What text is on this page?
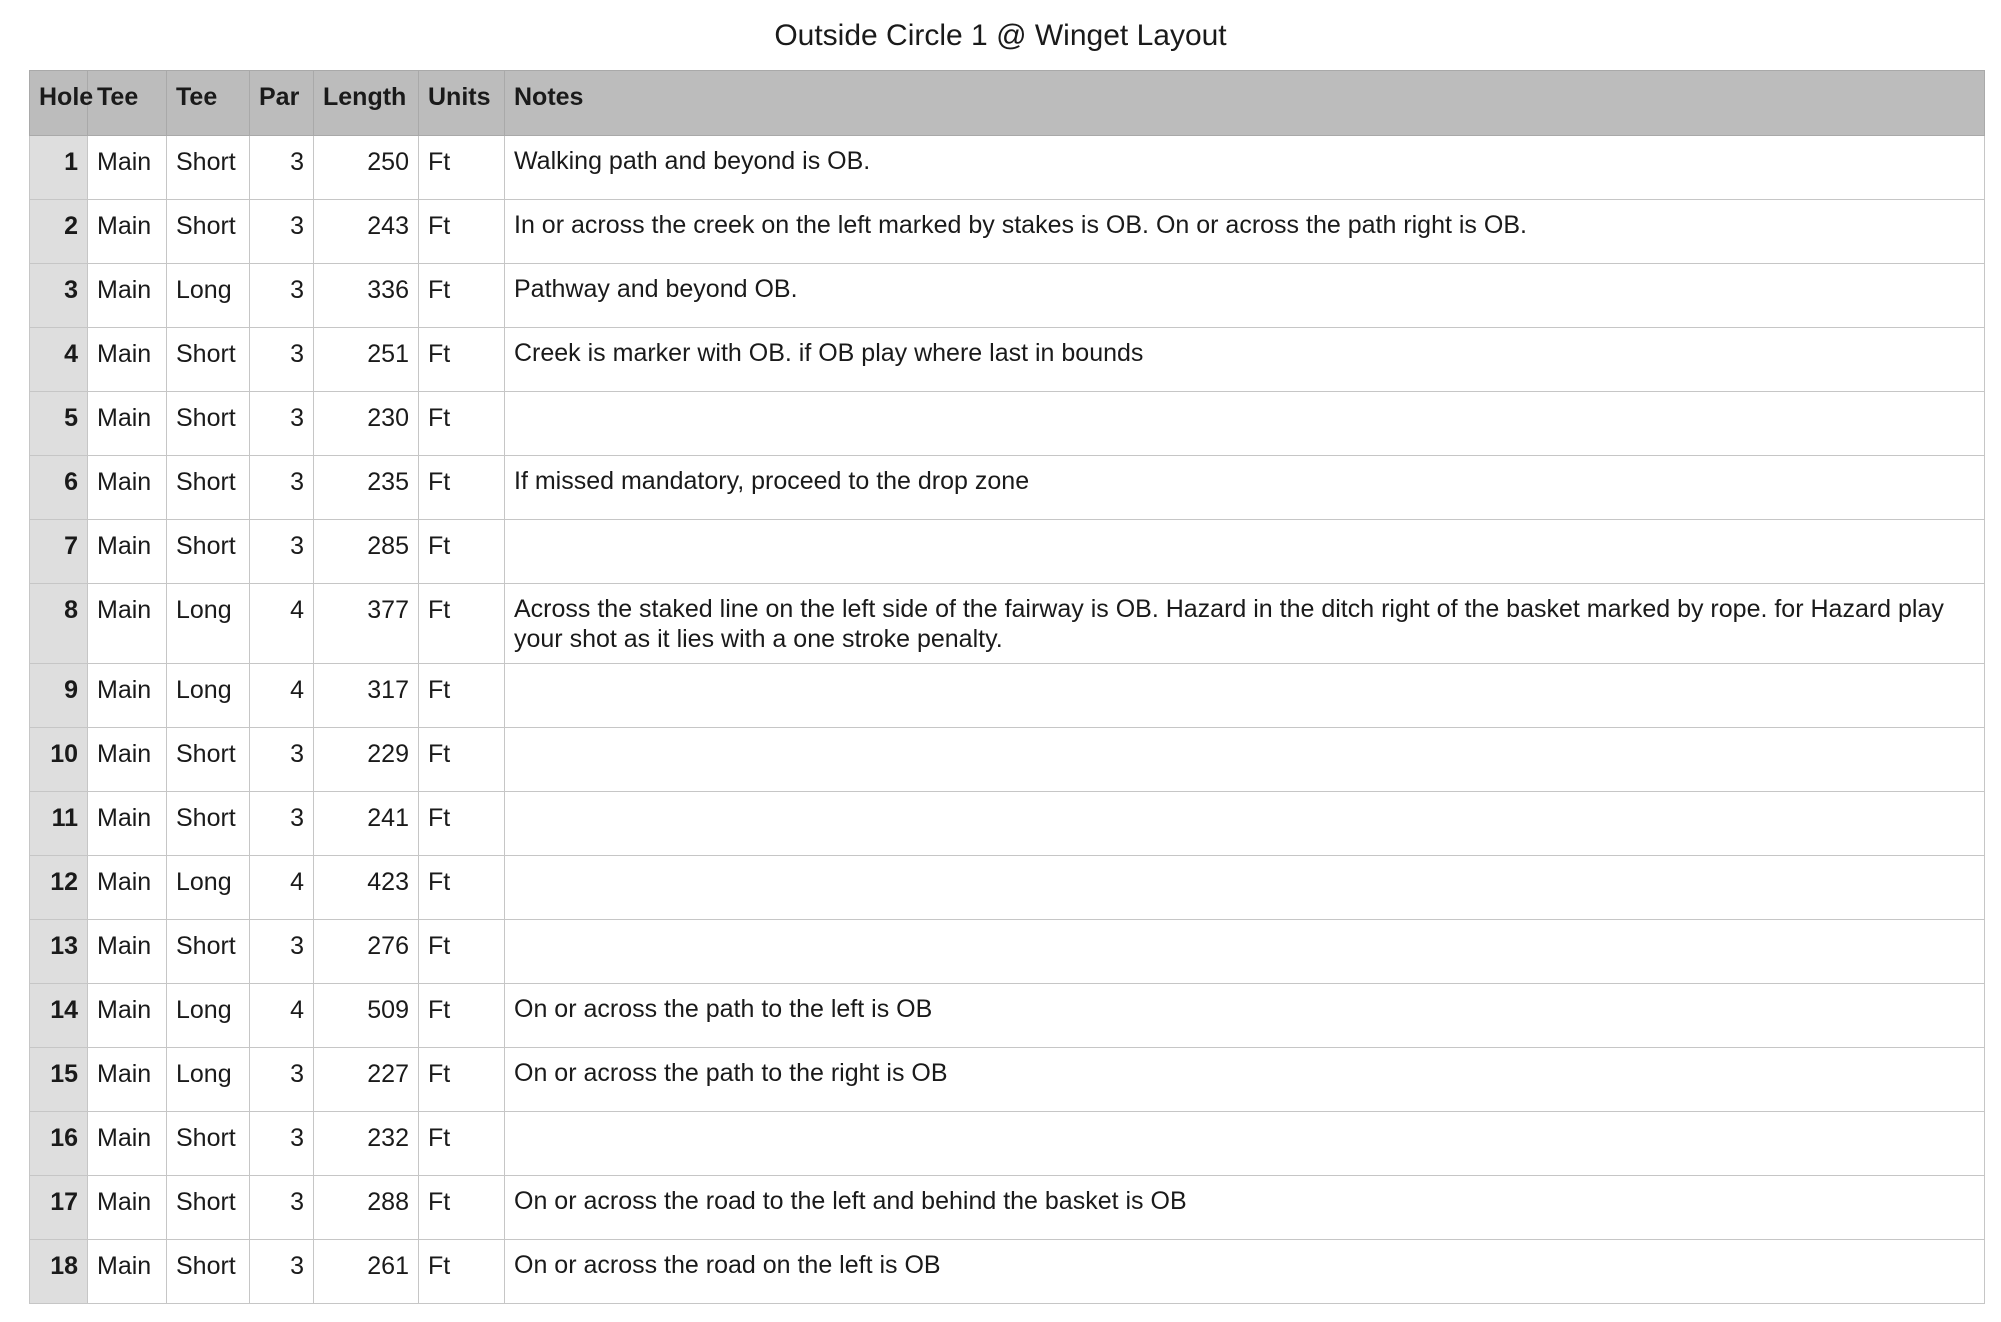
Outside Circle 1 @ Winget Layout
Hole	Tee	Tee	Par	Length	Units	Notes
1	Main	Short	3	250	Ft	Walking path and beyond is OB.
2	Main	Short	3	243	Ft	In or across the creek on the left marked by stakes is OB. On or across the path right is OB.
3	Main	Long	3	336	Ft	Pathway and beyond OB.
4	Main	Short	3	251	Ft	Creek is marker with OB. if OB play where last in bounds
5	Main	Short	3	230	Ft	
6	Main	Short	3	235	Ft	If missed mandatory, proceed to the drop zone
7	Main	Short	3	285	Ft	
8	Main	Long	4	377	Ft	Across the staked line on the left side of the fairway is OB. Hazard in the ditch right of the basket marked by rope. for Hazard play your shot as it lies with a one stroke penalty.
9	Main	Long	4	317	Ft	
10	Main	Short	3	229	Ft	
11	Main	Short	3	241	Ft	
12	Main	Long	4	423	Ft	
13	Main	Short	3	276	Ft	
14	Main	Long	4	509	Ft	On or across the path to the left is OB
15	Main	Long	3	227	Ft	On or across the path to the right is OB
16	Main	Short	3	232	Ft	
17	Main	Short	3	288	Ft	On or across the road to the left and behind the basket is OB
18	Main	Short	3	261	Ft	On or across the road on the left is OB
